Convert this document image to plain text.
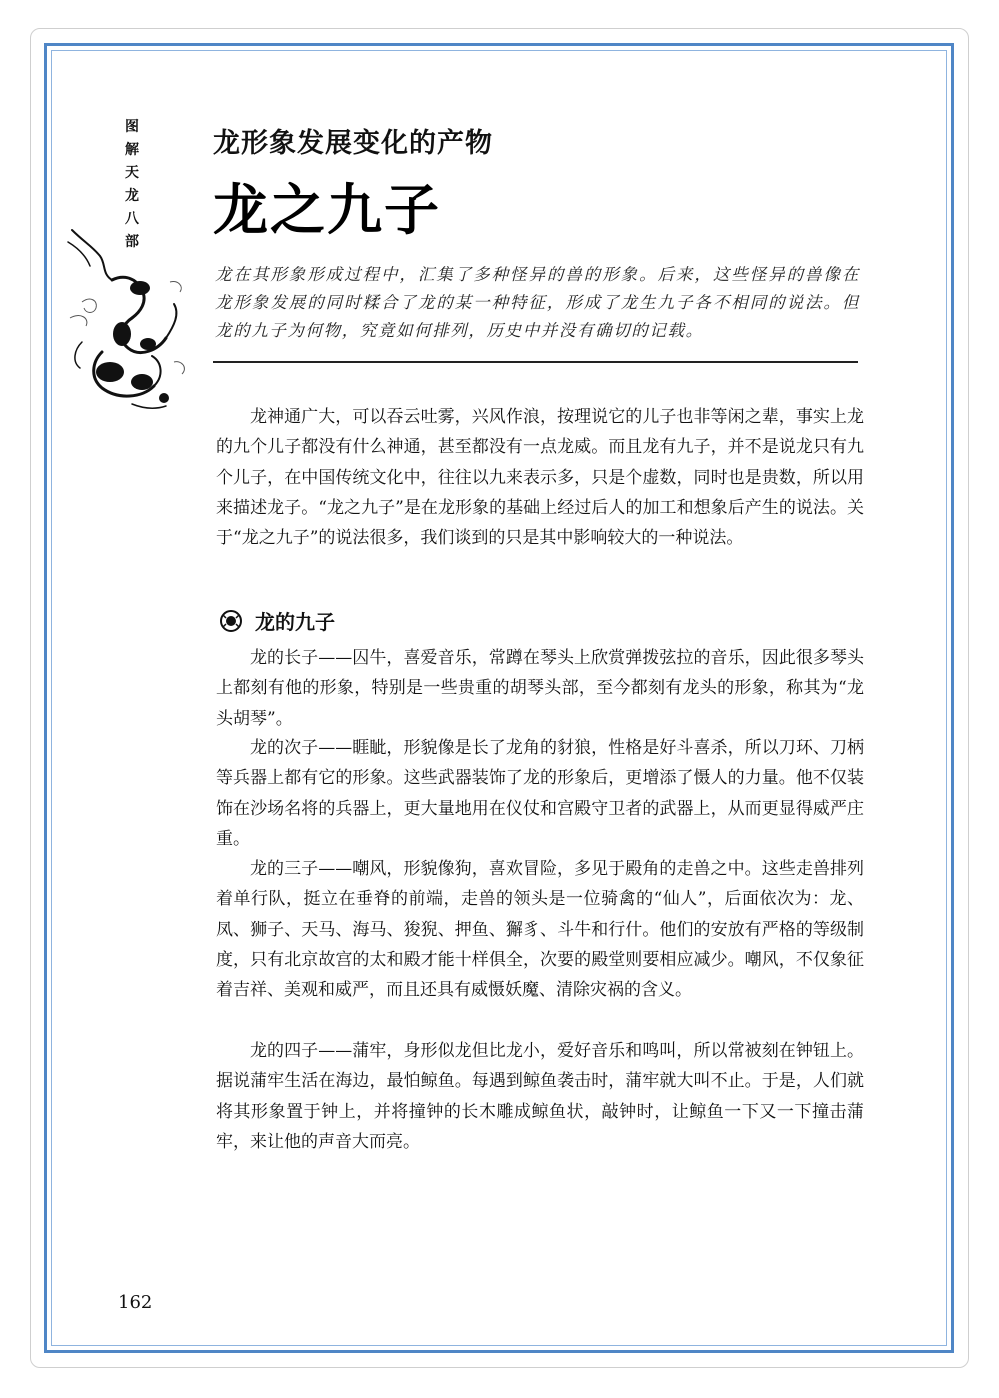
图
解
天
龙
八
部
龙形象发展变化的产物
龙之九子
龙在其形象形成过程中，汇集了多种怪异的兽的形象。后来，这些怪异的兽像在龙形象发展的同时糅合了龙的某一种特征，形成了龙生九子各不相同的说法。但龙的九子为何物，究竟如何排列，历史中并没有确切的记载。

龙神通广大，可以吞云吐雾，兴风作浪，按理说它的儿子也非等闲之辈，事实上龙的九个儿子都没有什么神通，甚至都没有一点龙威。而且龙有九子，并不是说龙只有九个儿子，在中国传统文化中，往往以九来表示多，只是个虚数，同时也是贵数，所以用来描述龙子。“龙之九子”是在龙形象的基础上经过后人的加工和想象后产生的说法。关于“龙之九子”的说法很多，我们谈到的只是其中影响较大的一种说法。

龙的九子

龙的长子——囚牛，喜爱音乐，常蹲在琴头上欣赏弹拨弦拉的音乐，因此很多琴头上都刻有他的形象，特别是一些贵重的胡琴头部，至今都刻有龙头的形象，称其为“龙头胡琴”。

龙的次子——睚眦，形貌像是长了龙角的豺狼，性格是好斗喜杀，所以刀环、刀柄等兵器上都有它的形象。这些武器装饰了龙的形象后，更增添了慑人的力量。他不仅装饰在沙场名将的兵器上，更大量地用在仪仗和宫殿守卫者的武器上，从而更显得威严庄重。

龙的三子——嘲风，形貌像狗，喜欢冒险，多见于殿角的走兽之中。这些走兽排列着单行队，挺立在垂脊的前端，走兽的领头是一位骑禽的“仙人”，后面依次为：龙、凤、狮子、天马、海马、狻猊、押鱼、獬豸、斗牛和行什。他们的安放有严格的等级制度，只有北京故宫的太和殿才能十样俱全，次要的殿堂则要相应减少。嘲风，不仅象征着吉祥、美观和威严，而且还具有威慑妖魔、清除灾祸的含义。

龙的四子——蒲牢，身形似龙但比龙小，爱好音乐和鸣叫，所以常被刻在钟钮上。据说蒲牢生活在海边，最怕鲸鱼。每遇到鲸鱼袭击时，蒲牢就大叫不止。于是，人们就将其形象置于钟上，并将撞钟的长木雕成鲸鱼状，敲钟时，让鲸鱼一下又一下撞击蒲牢，来让他的声音大而亮。

162
